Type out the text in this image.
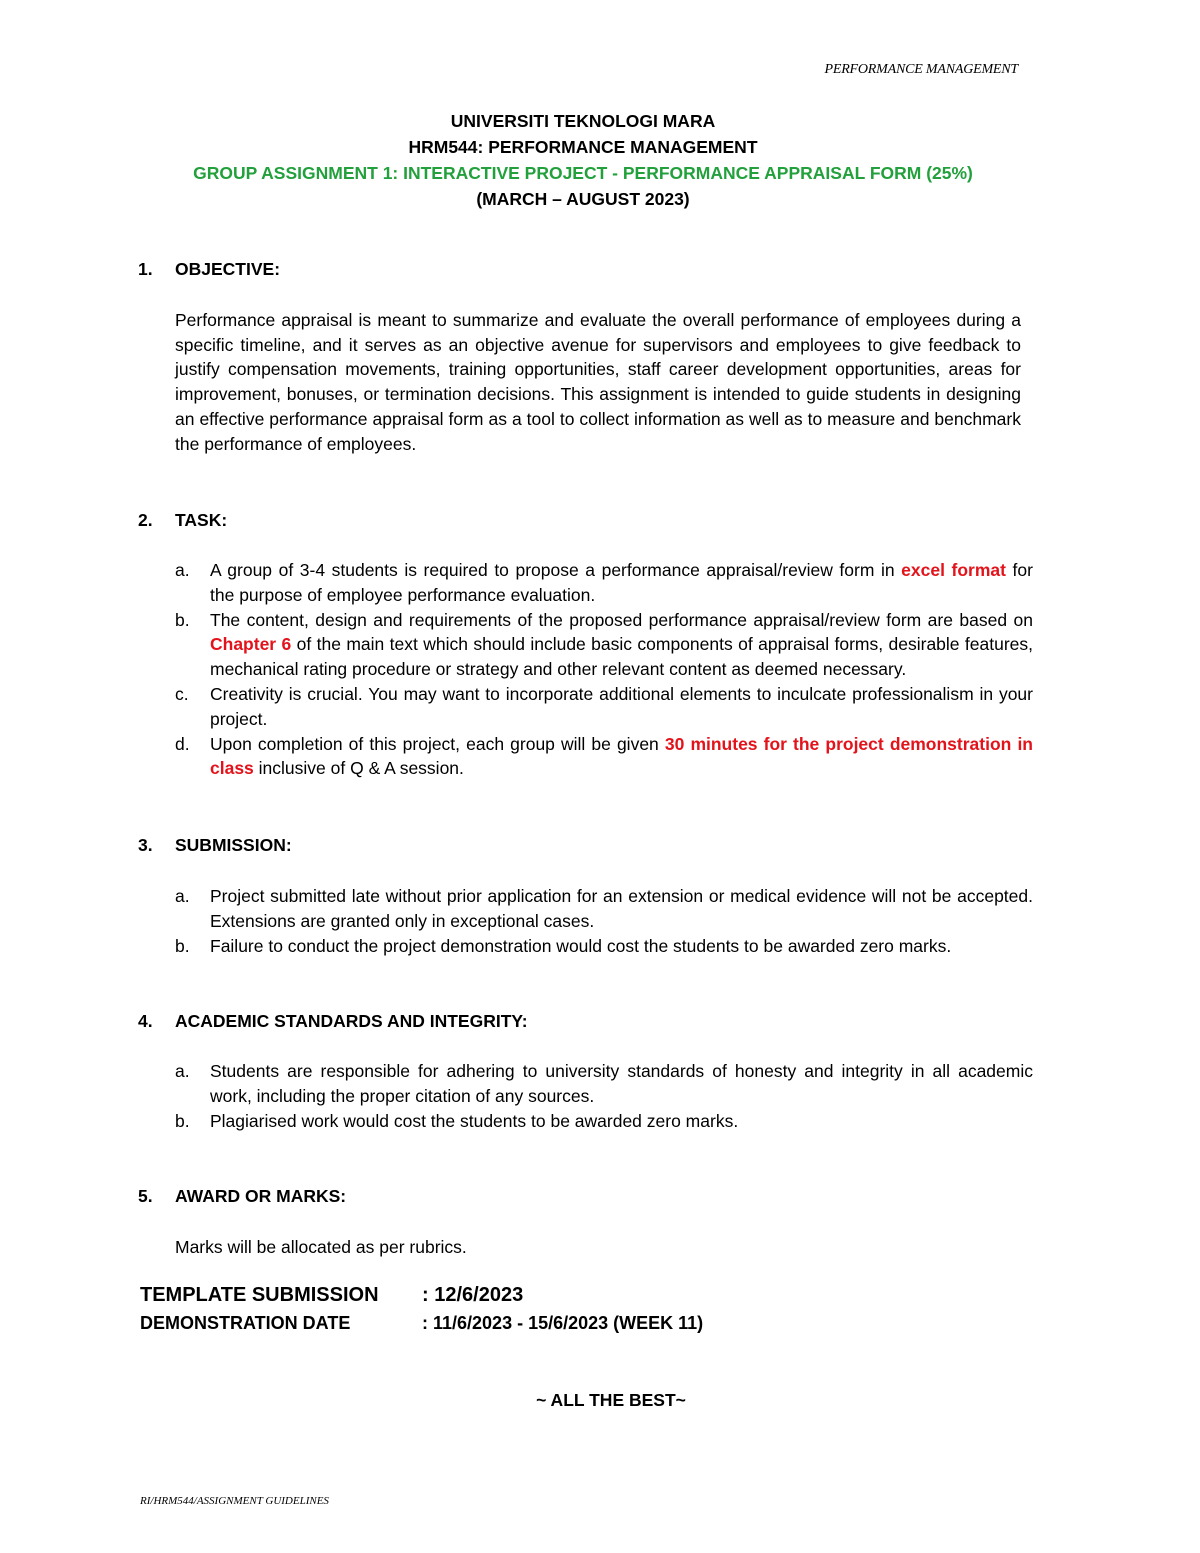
PERFORMANCE MANAGEMENT
UNIVERSITI TEKNOLOGI MARA
HRM544: PERFORMANCE MANAGEMENT
GROUP ASSIGNMENT 1: INTERACTIVE PROJECT - PERFORMANCE APPRAISAL FORM (25%)
(MARCH – AUGUST 2023)
1. OBJECTIVE:
Performance appraisal is meant to summarize and evaluate the overall performance of employees during a specific timeline, and it serves as an objective avenue for supervisors and employees to give feedback to justify compensation movements, training opportunities, staff career development opportunities, areas for improvement, bonuses, or termination decisions. This assignment is intended to guide students in designing an effective performance appraisal form as a tool to collect information as well as to measure and benchmark the performance of employees.
2. TASK:
a. A group of 3-4 students is required to propose a performance appraisal/review form in excel format for the purpose of employee performance evaluation.
b. The content, design and requirements of the proposed performance appraisal/review form are based on Chapter 6 of the main text which should include basic components of appraisal forms, desirable features, mechanical rating procedure or strategy and other relevant content as deemed necessary.
c. Creativity is crucial. You may want to incorporate additional elements to inculcate professionalism in your project.
d. Upon completion of this project, each group will be given 30 minutes for the project demonstration in class inclusive of Q & A session.
3. SUBMISSION:
a. Project submitted late without prior application for an extension or medical evidence will not be accepted. Extensions are granted only in exceptional cases.
b. Failure to conduct the project demonstration would cost the students to be awarded zero marks.
4. ACADEMIC STANDARDS AND INTEGRITY:
a. Students are responsible for adhering to university standards of honesty and integrity in all academic work, including the proper citation of any sources.
b. Plagiarised work would cost the students to be awarded zero marks.
5. AWARD OR MARKS:
Marks will be allocated as per rubrics.
TEMPLATE SUBMISSION : 12/6/2023
DEMONSTRATION DATE	: 11/6/2023 - 15/6/2023 (WEEK 11)
~ ALL THE BEST~
RI/HRM544/ASSIGNMENT GUIDELINES
